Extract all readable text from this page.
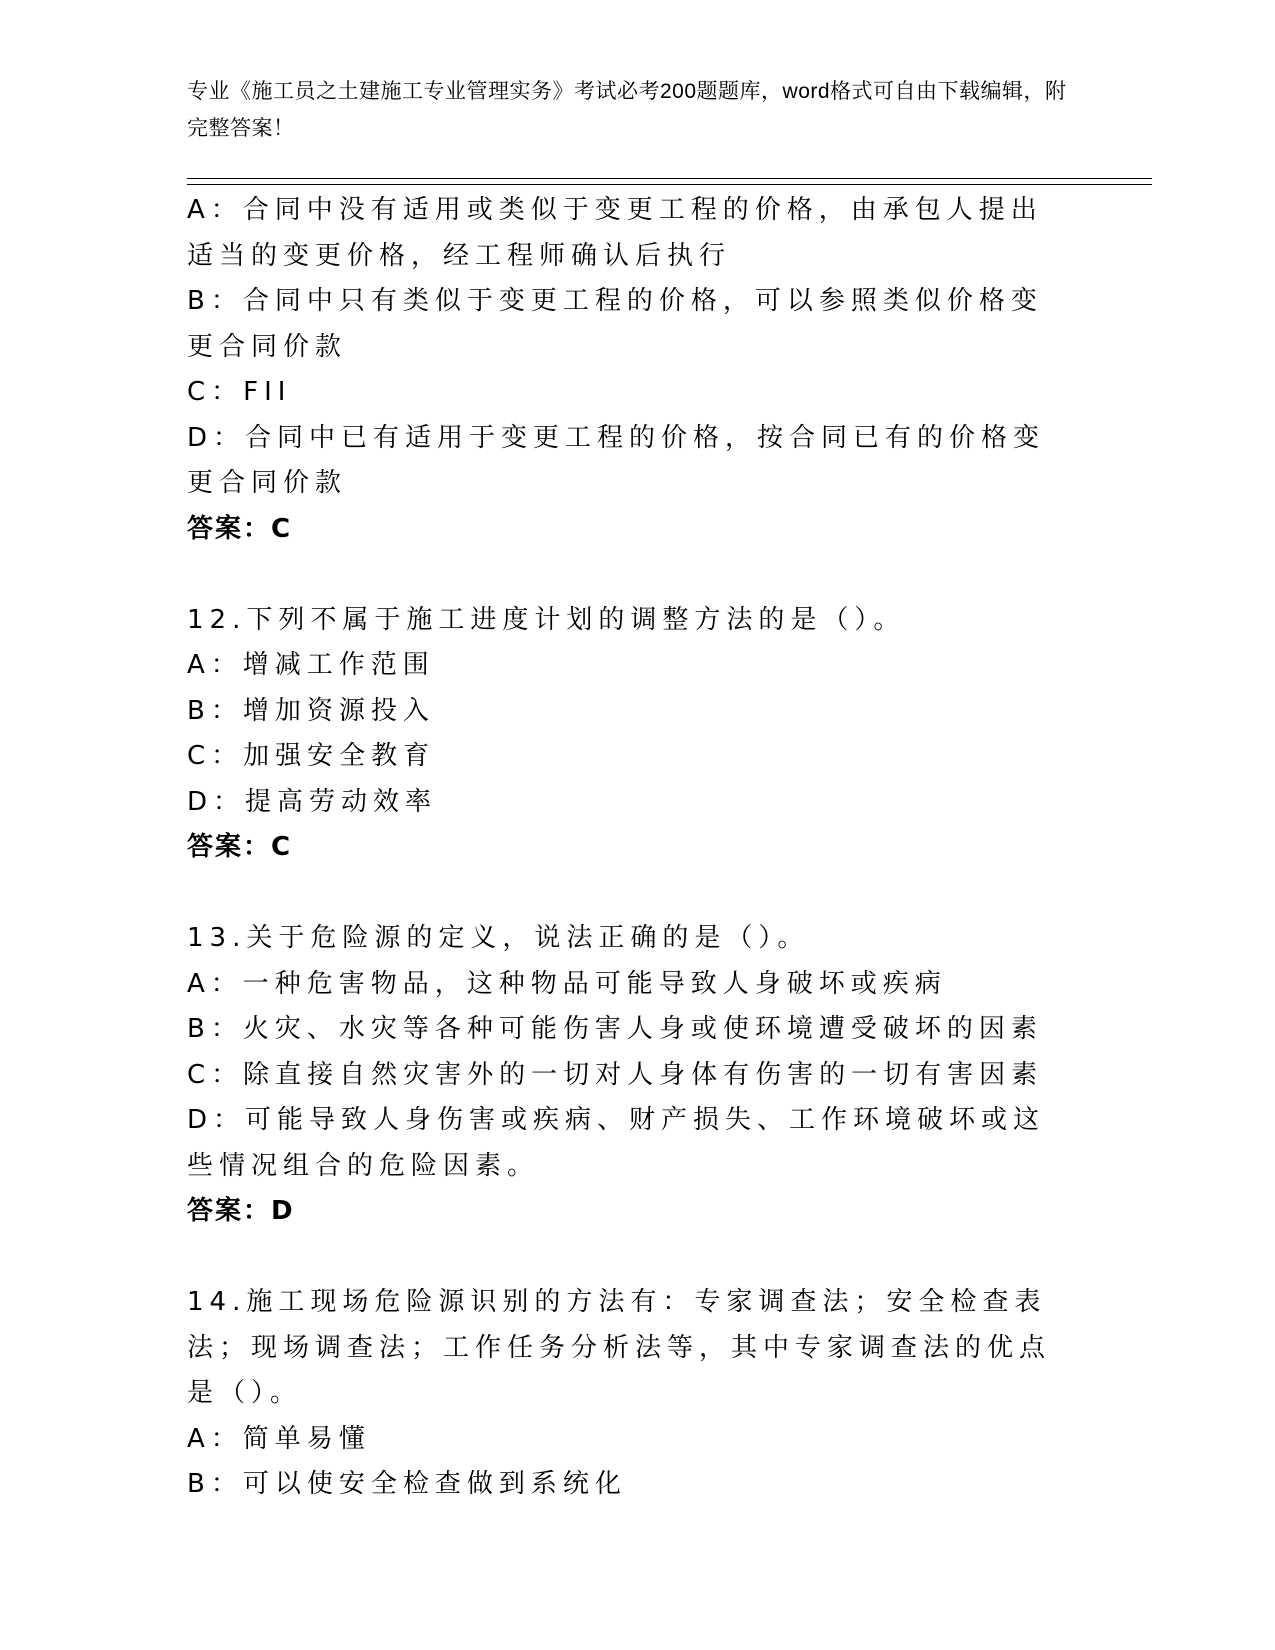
专业《施工员之土建施工专业管理实务》考试必考200题题库，word格式可自由下载编辑，附完整答案！
A：合同中没有适用或类似于变更工程的价格，由承包人提出适当的变更价格，经工程师确认后执行
B：合同中只有类似于变更工程的价格，可以参照类似价格变更合同价款
C：FII
D：合同中已有适用于变更工程的价格，按合同已有的价格变更合同价款
答案：C
12.下列不属于施工进度计划的调整方法的是（）。
A：增减工作范围
B：增加资源投入
C：加强安全教育
D：提高劳动效率
答案：C
13.关于危险源的定义，说法正确的是（）。
A：一种危害物品，这种物品可能导致人身破坏或疾病
B：火灾、水灾等各种可能伤害人身或使环境遭受破坏的因素
C：除直接自然灾害外的一切对人身体有伤害的一切有害因素
D：可能导致人身伤害或疾病、财产损失、工作环境破坏或这些情况组合的危险因素。
答案：D
14.施工现场危险源识别的方法有：专家调查法；安全检查表法；现场调查法；工作任务分析法等，其中专家调查法的优点是（）。
A：简单易懂
B：可以使安全检查做到系统化
